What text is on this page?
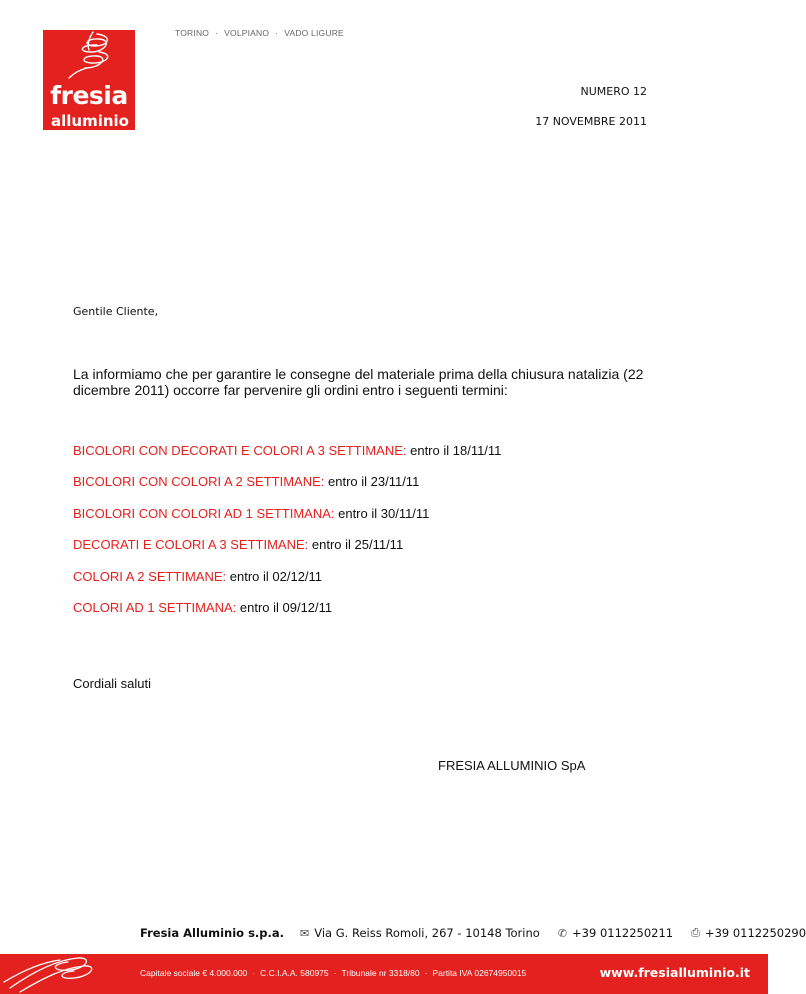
fresia
alluminio
TORINO · VOLPIANO · VADO LIGURE
NUMERO 12
17 NOVEMBRE 2011
Gentile Cliente,
La informiamo che per garantire le consegne del materiale prima della chiusura natalizia (22 dicembre 2011) occorre far pervenire gli ordini entro i seguenti termini:
BICOLORI CON DECORATI E COLORI A 3 SETTIMANE: entro il 18/11/11
BICOLORI CON COLORI A 2 SETTIMANE: entro il 23/11/11
BICOLORI CON COLORI AD 1 SETTIMANA: entro il 30/11/11
DECORATI E COLORI A 3 SETTIMANE: entro il 25/11/11
COLORI A 2 SETTIMANE: entro il 02/12/11
COLORI AD 1 SETTIMANA: entro il 09/12/11
Cordiali saluti
FRESIA ALLUMINIO SpA
Fresia Alluminio s.p.a. ✉ Via G. Reiss Romoli, 267 - 10148 Torino ✆ +39 0112250211 ⎙ +39 0112250290
Capitale sociale € 4.000.000 · C.C.I.A.A. 580975 · Tribunale nr 3318/80 · Partita IVA 02674950015	www.fresialluminio.it
